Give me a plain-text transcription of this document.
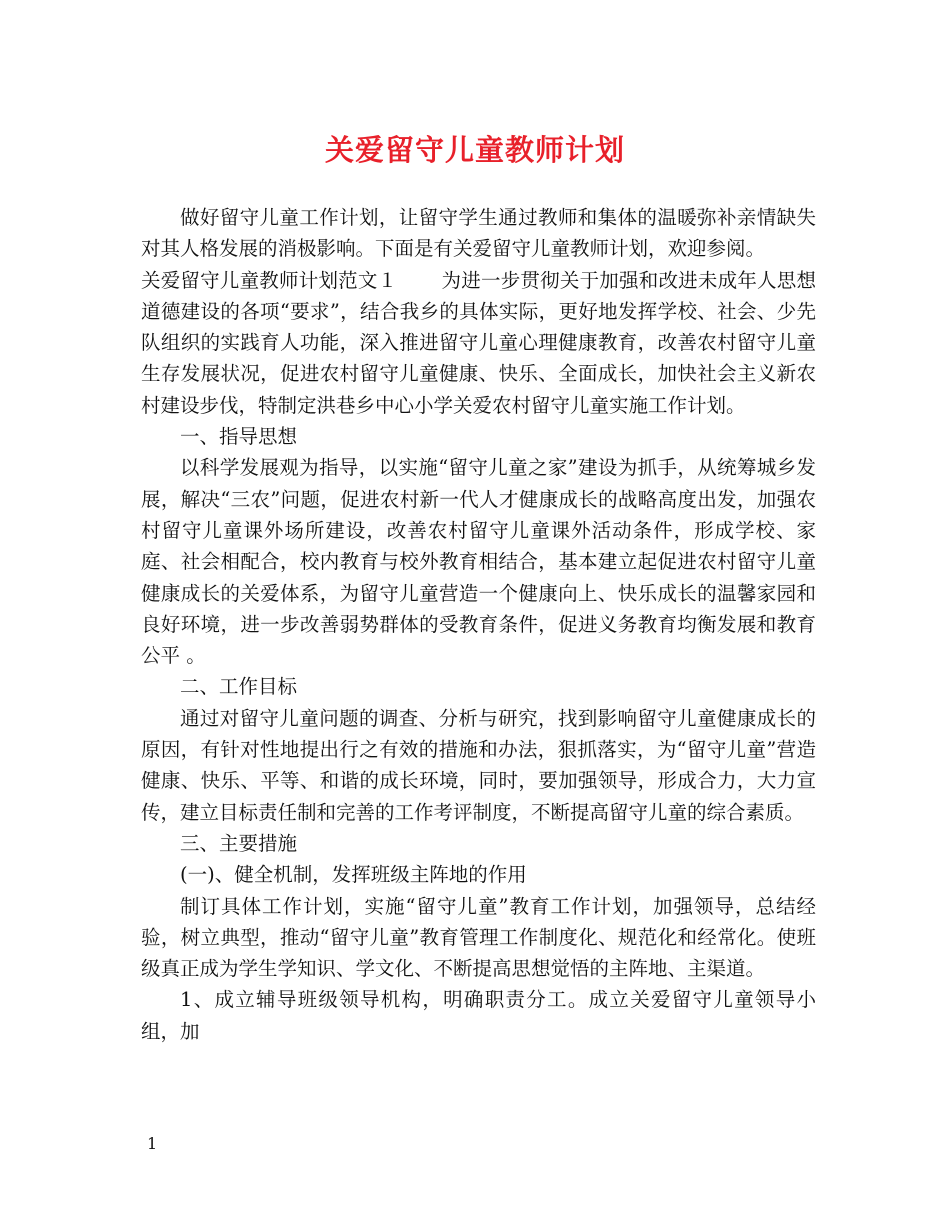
关爱留守儿童教师计划

做好留守儿童工作计划，让留守学生通过教师和集体的温暖弥补亲情缺失对其人格发展的消极影响。下面是有关爱留守儿童教师计划，欢迎参阅。

关爱留守儿童教师计划范文１ 为进一步贯彻关于加强和改进未成年人思想道德建设的各项“要求”，结合我乡的具体实际，更好地发挥学校、社会、少先队组织的实践育人功能，深入推进留守儿童心理健康教育，改善农村留守儿童生存发展状况，促进农村留守儿童健康、快乐、全面成长，加快社会主义新农村建设步伐，特制定洪巷乡中心小学关爱农村留守儿童实施工作计划。

一、指导思想

以科学发展观为指导，以实施“留守儿童之家”建设为抓手，从统筹城乡发展，解决“三农”问题，促进农村新一代人才健康成长的战略高度出发，加强农村留守儿童课外场所建设，改善农村留守儿童课外活动条件，形成学校、家庭、社会相配合，校内教育与校外教育相结合，基本建立起促进农村留守儿童健康成长的关爱体系，为留守儿童营造一个健康向上、快乐成长的温馨家园和良好环境，进一步改善弱势群体的受教育条件，促进义务教育均衡发展和教育公平 。

二、工作目标

通过对留守儿童问题的调查、分析与研究，找到影响留守儿童健康成长的原因，有针对性地提出行之有效的措施和办法，狠抓落实，为“留守儿童”营造健康、快乐、平等、和谐的成长环境，同时，要加强领导，形成合力，大力宣传，建立目标责任制和完善的工作考评制度，不断提高留守儿童的综合素质。

三、主要措施

(一)、健全机制，发挥班级主阵地的作用

制订具体工作计划，实施“留守儿童”教育工作计划，加强领导，总结经验，树立典型，推动“留守儿童”教育管理工作制度化、规范化和经常化。使班级真正成为学生学知识、学文化、不断提高思想觉悟的主阵地、主渠道。

1、成立辅导班级领导机构，明确职责分工。成立关爱留守儿童领导小组，加

1
